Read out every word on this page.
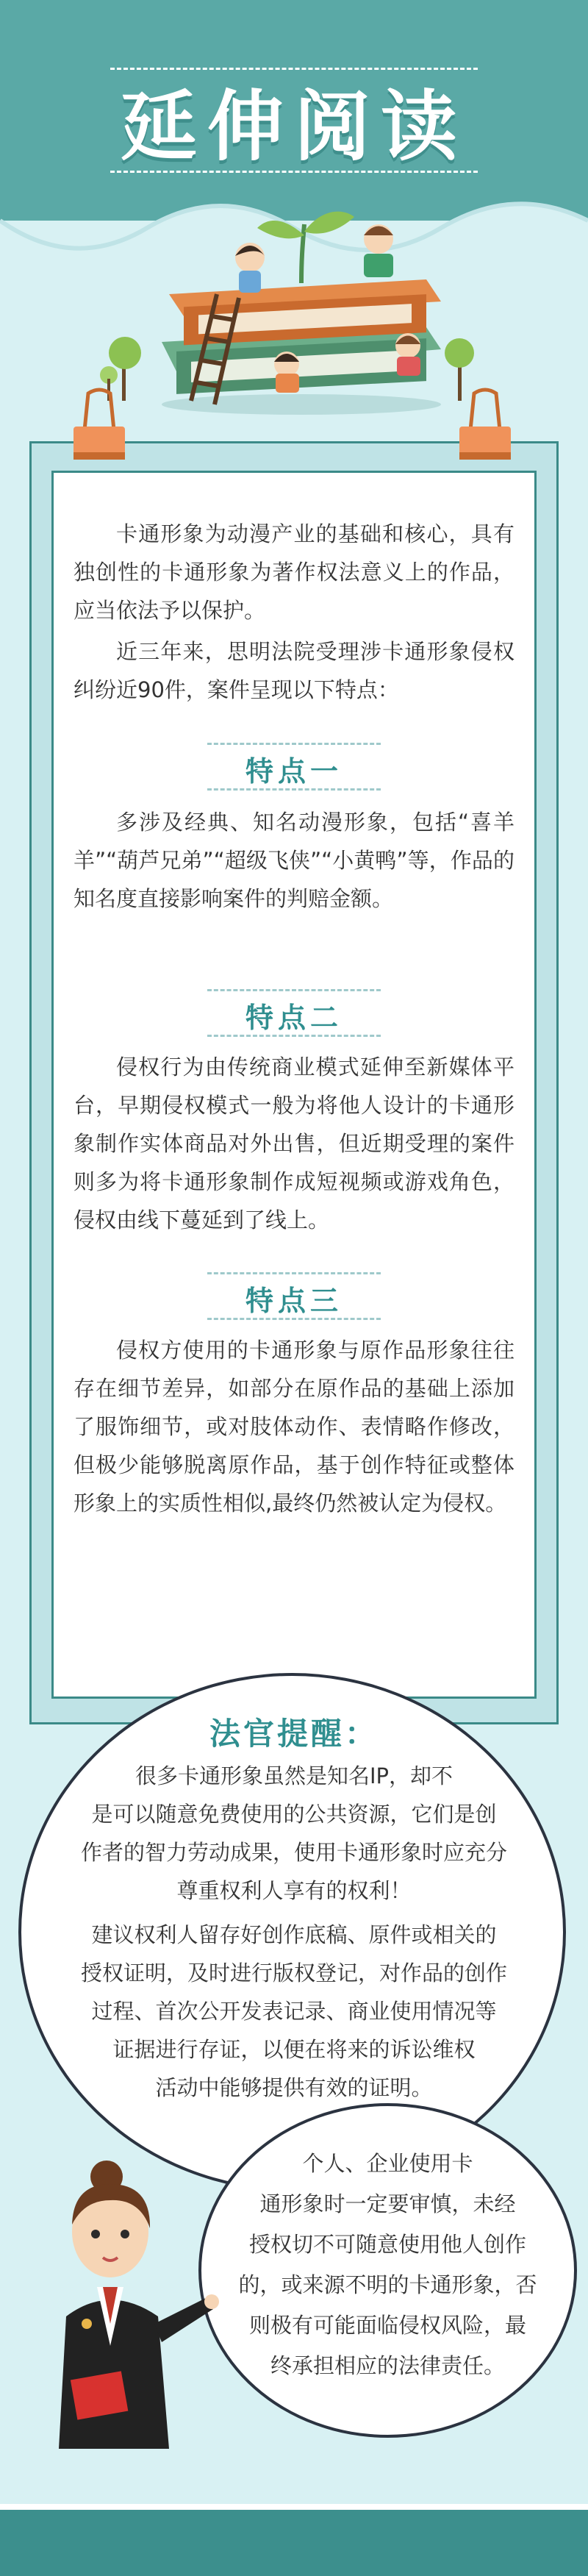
延伸阅读

卡通形象为动漫产业的基础和核心，具有独创性的卡通形象为著作权法意义上的作品，应当依法予以保护。

近三年来，思明法院受理涉卡通形象侵权纠纷近90件，案件呈现以下特点：

特点一

多涉及经典、知名动漫形象，包括“喜羊羊”“葫芦兄弟”“超级飞侠”“小黄鸭”等，作品的知名度直接影响案件的判赔金额。

特点二

侵权行为由传统商业模式延伸至新媒体平台，早期侵权模式一般为将他人设计的卡通形象制作实体商品对外出售，但近期受理的案件则多为将卡通形象制作成短视频或游戏角色，侵权由线下蔓延到了线上。

特点三

侵权方使用的卡通形象与原作品形象往往存在细节差异，如部分在原作品的基础上添加了服饰细节，或对肢体动作、表情略作修改，但极少能够脱离原作品，基于创作特征或整体形象上的实质性相似,最终仍然被认定为侵权。

法官提醒：
很多卡通形象虽然是知名IP，却不
是可以随意免费使用的公共资源，它们是创
作者的智力劳动成果，使用卡通形象时应充分
尊重权利人享有的权利！
建议权利人留存好创作底稿、原件或相关的
授权证明，及时进行版权登记，对作品的创作
过程、首次公开发表记录、商业使用情况等
证据进行存证，以便在将来的诉讼维权
活动中能够提供有效的证明。
个人、企业使用卡
通形象时一定要审慎，未经
授权切不可随意使用他人创作
的，或来源不明的卡通形象，否
则极有可能面临侵权风险，最
终承担相应的法律责任。
